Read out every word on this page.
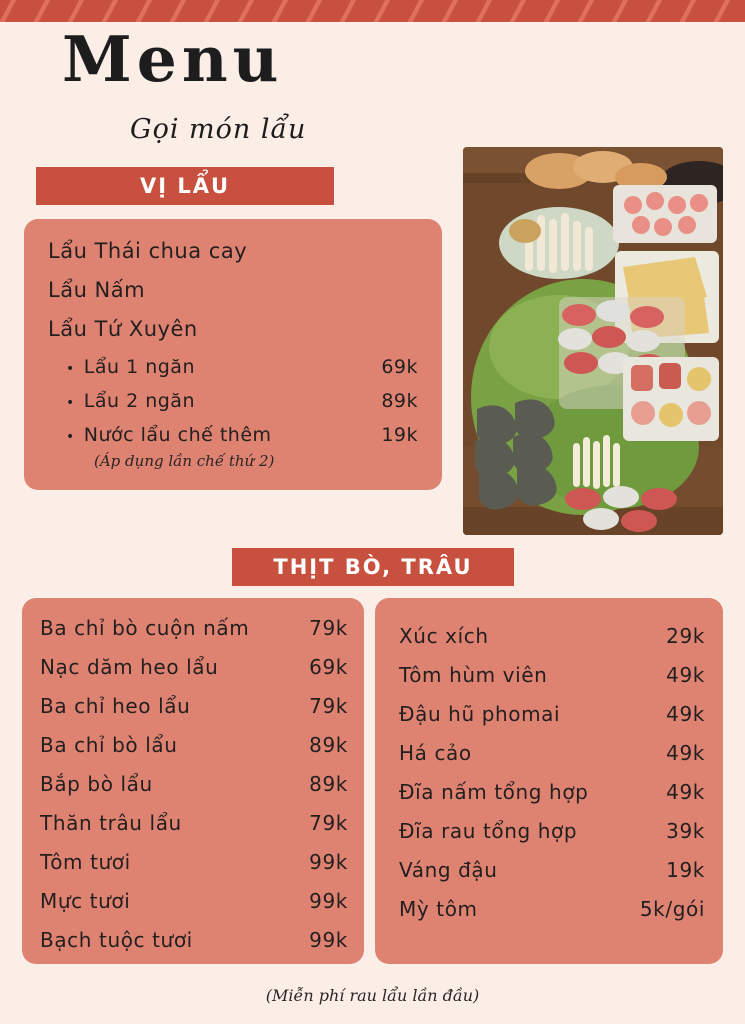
Menu
Gọi món lẩu
VỊ LẨU
Lẩu Thái chua cay
Lẩu Nấm
Lẩu Tứ Xuyên
• Lẩu 1 ngăn	69k
• Lẩu 2 ngăn	89k
• Nước lẩu chế thêm	19k
(Áp dụng lần chế thứ 2)
THỊT BÒ, TRÂU
Ba chỉ bò cuộn nấm	79k
Nạc dăm heo lẩu	69k
Ba chỉ heo lẩu	79k
Ba chỉ bò lẩu	89k
Bắp bò lẩu	89k
Thăn trâu lẩu	79k
Tôm tươi	99k
Mực tươi	99k
Bạch tuộc tươi	99k
Xúc xích	29k
Tôm hùm viên	49k
Đậu hũ phomai	49k
Há cảo	49k
Đĩa nấm tổng hợp	49k
Đĩa rau tổng hợp	39k
Váng đậu	19k
Mỳ tôm	5k/gói
(Miễn phí rau lẩu lần đầu)
